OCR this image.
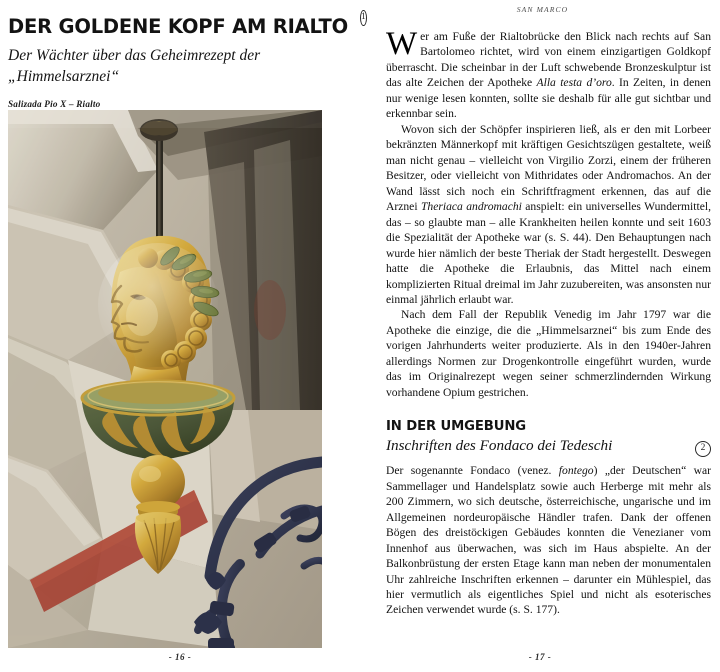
DER GOLDENE KOPF AM RIALTO 1
Der Wächter über das Geheimrezept der „Himmelsarznei“
Salizada Pio X – Rialto
- 16 -
SAN MARCO

Wer am Fuße der Rialtobrücke den Blick nach rechts auf San Bartolomeo richtet, wird von einem einzigartigen Goldkopf überrascht. Die scheinbar in der Luft schwebende Bronzeskulptur ist das alte Zeichen der Apotheke Alla testa d’oro. In Zeiten, in denen nur wenige lesen konnten, sollte sie deshalb für alle gut sichtbar und erkennbar sein.

Wovon sich der Schöpfer inspirieren ließ, als er den mit Lorbeer bekränzten Männerkopf mit kräftigen Gesichtszügen gestaltete, weiß man nicht genau – vielleicht von Virgilio Zorzi, einem der früheren Besitzer, oder vielleicht von Mithridates oder Andromachos. An der Wand lässt sich noch ein Schriftfragment erkennen, das auf die Arznei Theriaca andromachi anspielt: ein universelles Wundermittel, das – so glaubte man – alle Krankheiten heilen konnte und seit 1603 die Spezialität der Apotheke war (s. S. 44). Den Behauptungen nach wurde hier nämlich der beste Theriak der Stadt hergestellt. Deswegen hatte die Apotheke die Erlaubnis, das Mittel nach einem komplizierten Ritual dreimal im Jahr zuzubereiten, was ansonsten nur einmal jährlich erlaubt war.

Nach dem Fall der Republik Venedig im Jahr 1797 war die Apotheke die einzige, die die „Himmelsarznei“ bis zum Ende des vorigen Jahrhunderts weiter produzierte. Als in den 1940er-Jahren allerdings Normen zur Drogenkontrolle eingeführt wurden, wurde das im Originalrezept wegen seiner schmerzlindernden Wirkung vorhandene Opium gestrichen.

IN DER UMGEBUNG
Inschriften des Fondaco dei Tedeschi	2

Der sogenannte Fondaco (venez. fontego) „der Deutschen“ war Sammellager und Handelsplatz sowie auch Herberge mit mehr als 200 Zimmern, wo sich deutsche, österreichische, ungarische und im Allgemeinen nordeuropäische Händler trafen. Dank der offenen Bögen des dreistöckigen Gebäudes konnten die Venezianer vom Innenhof aus überwachen, was sich im Haus abspielte. An der Balkonbrüstung der ersten Etage kann man neben der monumentalen Uhr zahlreiche Inschriften erkennen – darunter ein Mühlespiel, das hier vermutlich als eigentliches Spiel und nicht als esoterisches Zeichen verwendet wurde (s. S. 177).

- 17 -
